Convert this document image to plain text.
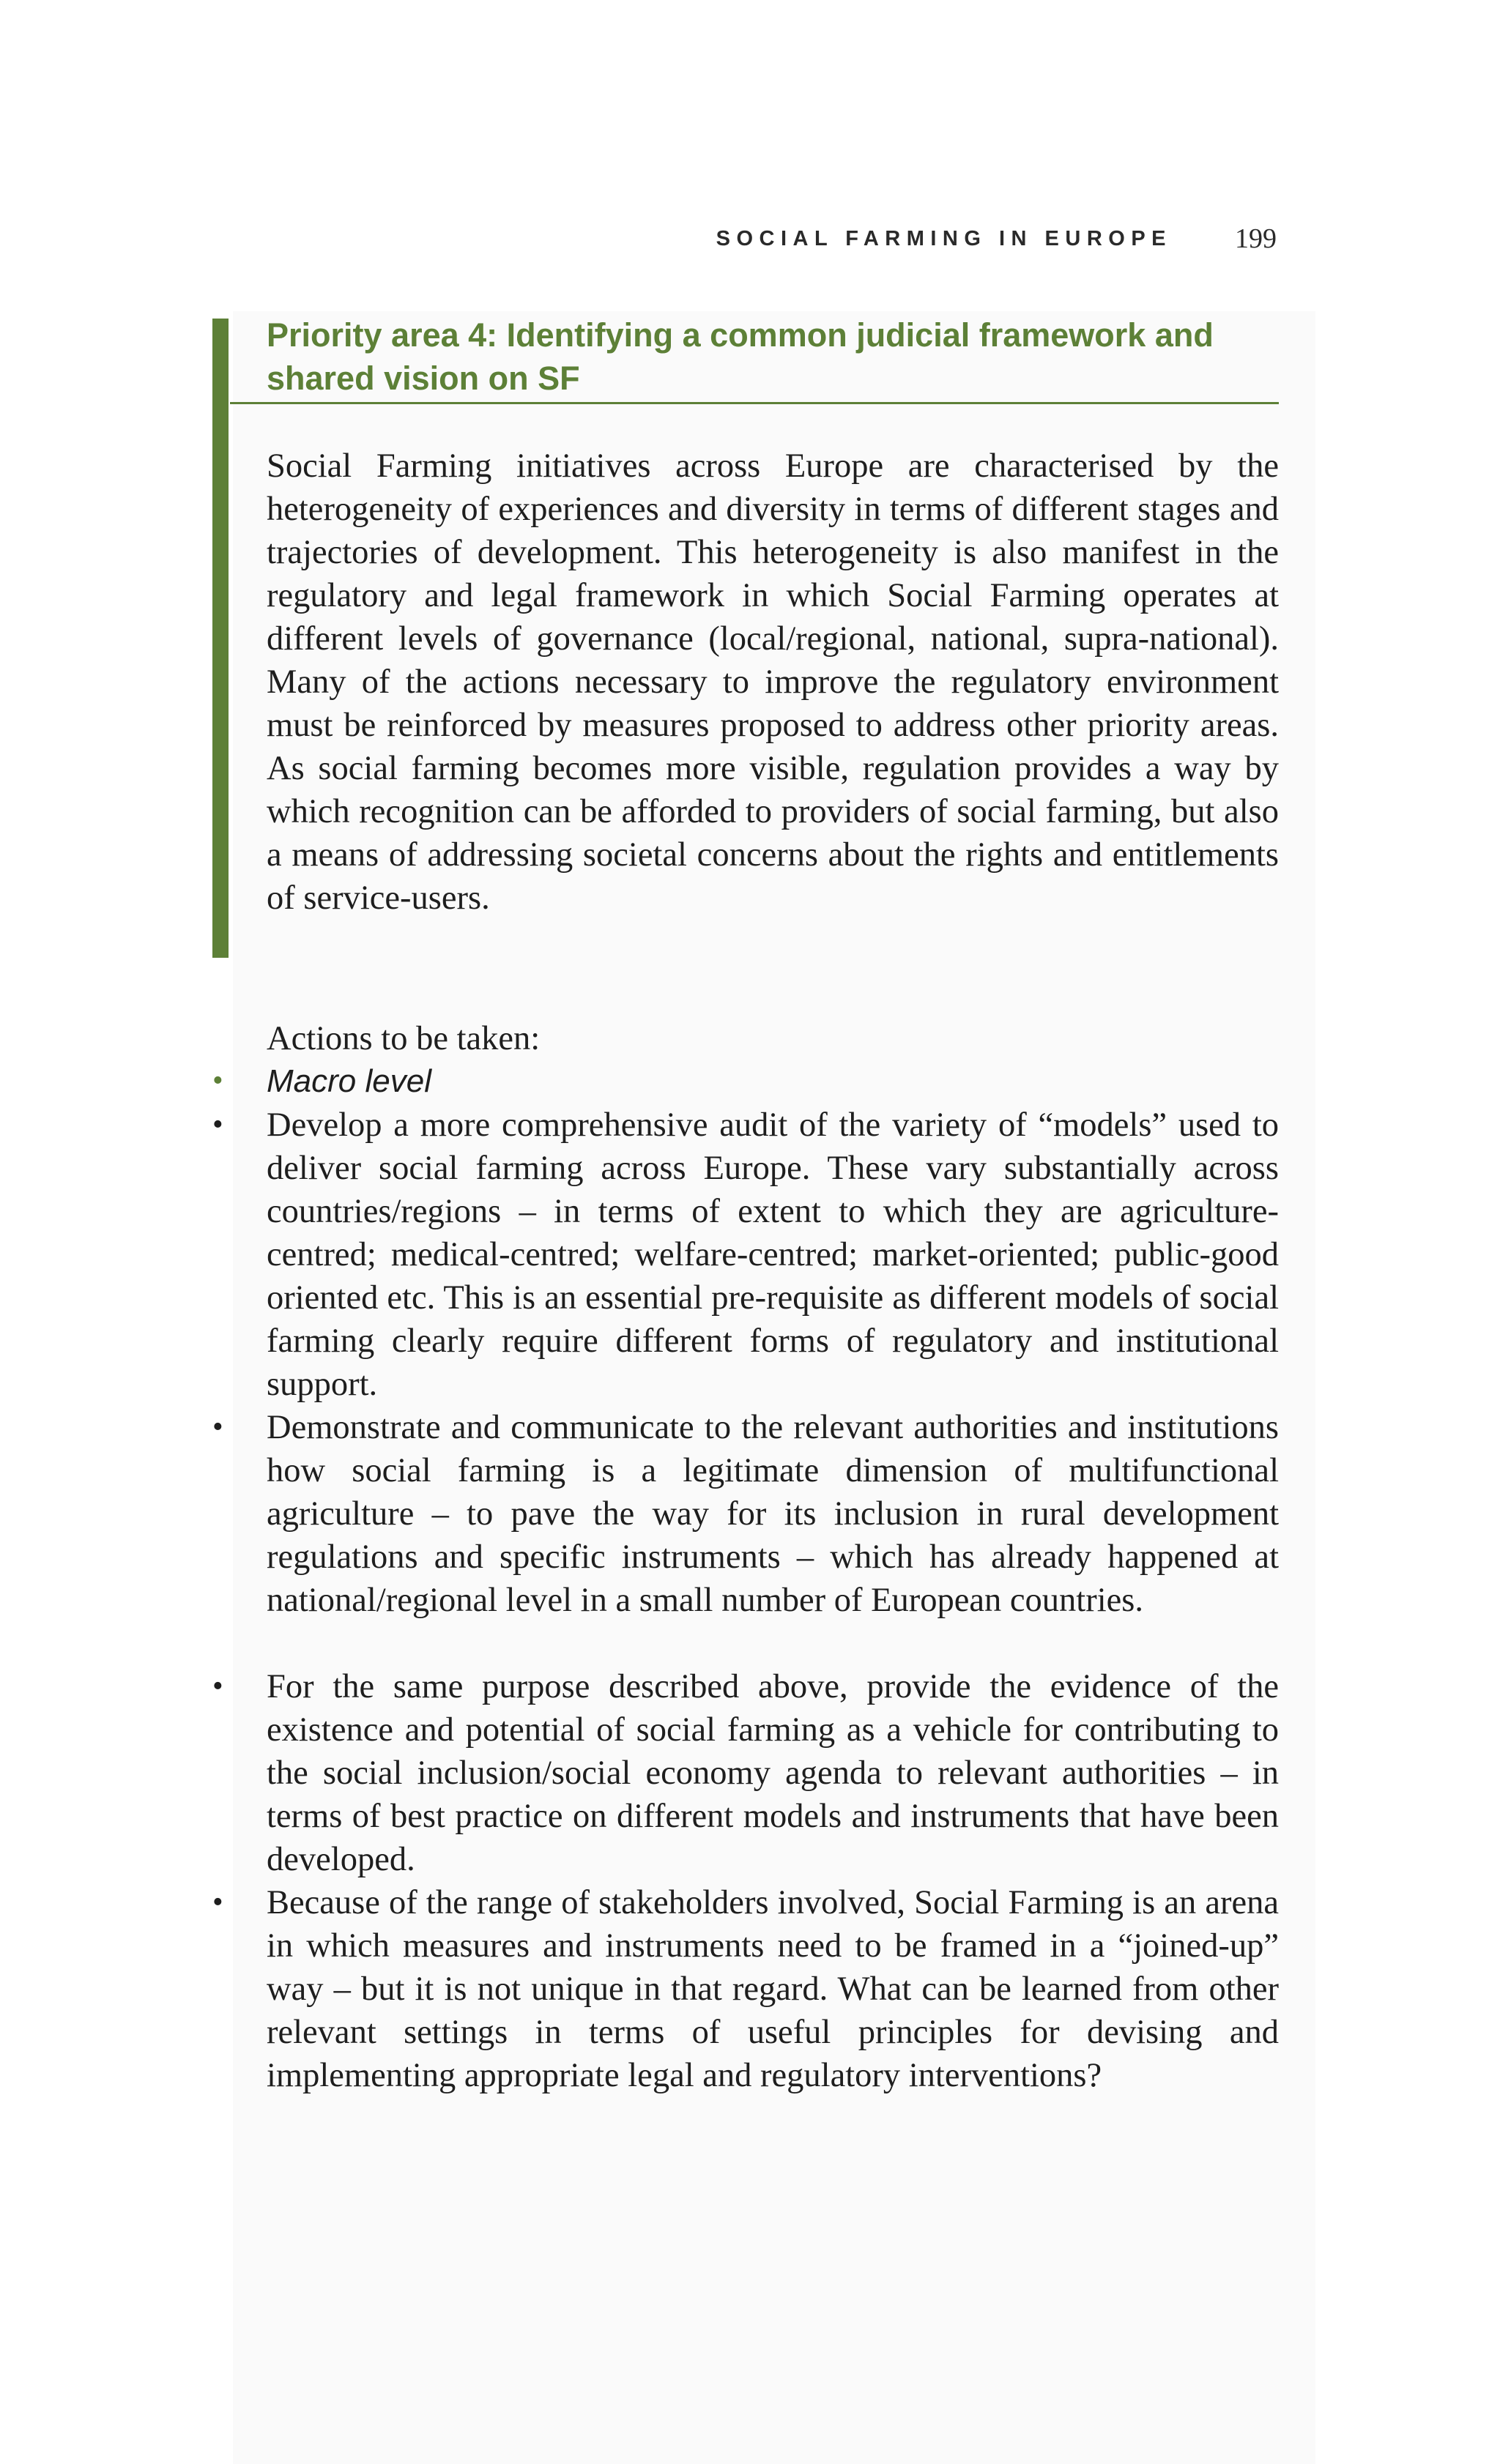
SOCIAL FARMING IN EUROPE 199
Priority area 4: Identifying a common judicial framework and shared vision on SF

Social Farming initiatives across Europe are characterised by the heterogeneity of experiences and diversity in terms of different stages and trajectories of development. This heterogeneity is also manifest in the regulatory and legal framework in which Social Farming operates at different levels of governance (local/regional, national, supra-national). Many of the actions necessary to improve the regulatory environment must be reinforced by measures proposed to address other priority areas. As social farming becomes more visible, regulation provides a way by which recognition can be afforded to providers of social farming, but also a means of addressing societal concerns about the rights and entitlements of service-users.

Actions to be taken:

•	Macro level

•	Develop a more comprehensive audit of the variety of “models” used to deliver social farming across Europe. These vary substantially across countries/regions – in terms of extent to which they are agriculture-centred; medical-centred; welfare-centred; market-oriented; public-good oriented etc. This is an essential pre-requisite as different models of social farming clearly require different forms of regulatory and institutional support.

•	Demonstrate and communicate to the relevant authorities and institutions how social farming is a legitimate dimension of multifunctional agriculture – to pave the way for its inclusion in rural development regulations and specific instruments – which has already happened at national/regional level in a small number of European countries.

•	For the same purpose described above, provide the evidence of the existence and potential of social farming as a vehicle for contributing to the social inclusion/social economy agenda to relevant authorities – in terms of best practice on different models and instruments that have been developed.

•	Because of the range of stakeholders involved, Social Farming is an arena in which measures and instruments need to be framed in a “joined-up” way – but it is not unique in that regard. What can be learned from other relevant settings in terms of useful principles for devising and implementing appropriate legal and regulatory interventions?
